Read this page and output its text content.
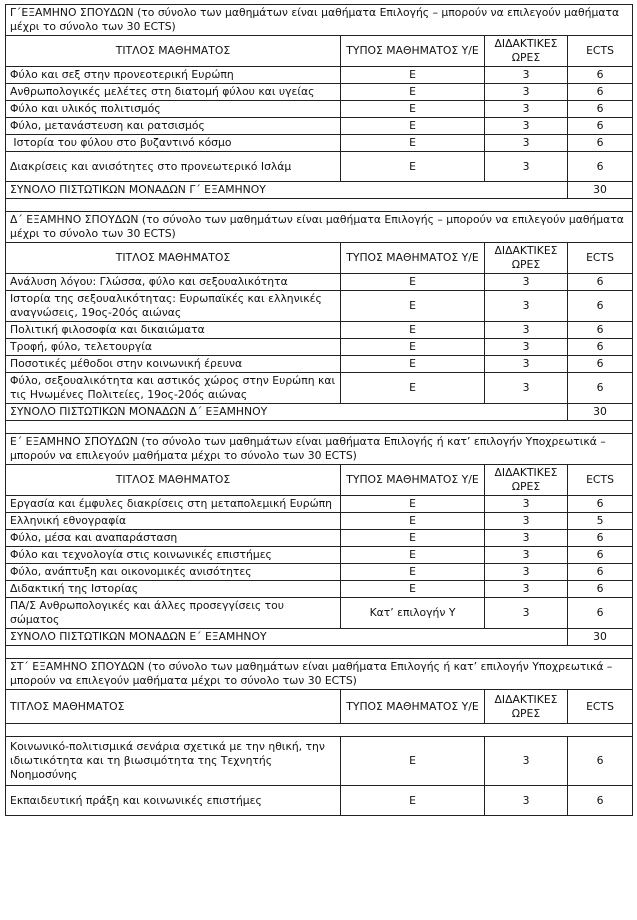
Γ΄ΕΞΑΜΗΝΟ ΣΠΟΥΔΩΝ (το σύνολο των μαθημάτων είναι μαθήματα Επιλογής – μπορούν να επιλεγούν μαθήματα μέχρι το σύνολο των 30 ECTS)			
ΤΙΤΛΟΣ ΜΑΘΗΜΑΤΟΣ	ΤΥΠΟΣ ΜΑΘΗΜΑΤΟΣ Υ/Ε	ΔΙΔΑΚΤΙΚΕΣ ΩΡΕΣ	ECTS
Φύλο και σεξ στην προνεοτερική Ευρώπη	Ε	3	6
Ανθρωπολογικές μελέτες στη διατομή φύλου και υγείας	Ε	3	6
Φύλο και υλικός πολιτισμός	Ε	3	6
Φύλο, μετανάστευση και ρατσισμός	Ε	3	6
Ιστορία του φύλου στο βυζαντινό κόσμο	Ε	3	6
Διακρίσεις και ανισότητες στο προνεωτερικό Ισλάμ	Ε	3	6
ΣΥΝΟΛΟ ΠΙΣΤΩΤΙΚΩΝ ΜΟΝΑΔΩΝ Γ΄ ΕΞΑΜΗΝΟΥ			30

Δ΄ ΕΞΑΜΗΝΟ ΣΠΟΥΔΩΝ (το σύνολο των μαθημάτων είναι μαθήματα Επιλογής – μπορούν να επιλεγούν μαθήματα μέχρι το σύνολο των 30 ECTS)			
ΤΙΤΛΟΣ ΜΑΘΗΜΑΤΟΣ	ΤΥΠΟΣ ΜΑΘΗΜΑΤΟΣ Υ/Ε	ΔΙΔΑΚΤΙΚΕΣ ΩΡΕΣ	ECTS
Ανάλυση λόγου: Γλώσσα, φύλο και σεξουαλικότητα	Ε	3	6
Ιστορία της σεξουαλικότητας: Ευρωπαϊκές και ελληνικές αναγνώσεις, 19ος-20ός αιώνας	Ε	3	6
Πολιτική φιλοσοφία και δικαιώματα	Ε	3	6
Τροφή, φύλο, τελετουργία	Ε	3	6
Ποσοτικές μέθοδοι στην κοινωνική έρευνα	Ε	3	6
Φύλο, σεξουαλικότητα και αστικός χώρος στην Ευρώπη και τις Ηνωμένες Πολιτείες, 19ος-20ός αιώνας	Ε	3	6
ΣΥΝΟΛΟ ΠΙΣΤΩΤΙΚΩΝ ΜΟΝΑΔΩΝ Δ΄ ΕΞΑΜΗΝΟΥ			30

Ε΄ ΕΞΑΜΗΝΟ ΣΠΟΥΔΩΝ (το σύνολο των μαθημάτων είναι μαθήματα Επιλογής ή κατ’ επιλογήν Υποχρεωτικά – μπορούν να επιλεγούν μαθήματα μέχρι το σύνολο των 30 ECTS)			
ΤΙΤΛΟΣ ΜΑΘΗΜΑΤΟΣ	ΤΥΠΟΣ ΜΑΘΗΜΑΤΟΣ Υ/Ε	ΔΙΔΑΚΤΙΚΕΣ ΩΡΕΣ	ECTS
Εργασία και έμφυλες διακρίσεις στη μεταπολεμική Ευρώπη	Ε	3	6
Ελληνική εθνογραφία	Ε	3	5
Φύλο, μέσα και αναπαράσταση	Ε	3	6
Φύλο και τεχνολογία στις κοινωνικές επιστήμες	Ε	3	6
Φύλο, ανάπτυξη και οικονομικές ανισότητες	Ε	3	6
Διδακτική της Ιστορίας	Ε	3	6
ΠΑ/Σ Ανθρωπολογικές και άλλες προσεγγίσεις του σώματος	Κατ’ επιλογήν Υ	3	6
ΣΥΝΟΛΟ ΠΙΣΤΩΤΙΚΩΝ ΜΟΝΑΔΩΝ Ε΄ ΕΞΑΜΗΝΟΥ			30

ΣΤ΄ ΕΞΑΜΗΝΟ ΣΠΟΥΔΩΝ (το σύνολο των μαθημάτων είναι μαθήματα Επιλογής ή κατ’ επιλογήν Υποχρεωτικά – μπορούν να επιλεγούν μαθήματα μέχρι το σύνολο των 30 ECTS)			
ΤΙΤΛΟΣ ΜΑΘΗΜΑΤΟΣ	ΤΥΠΟΣ ΜΑΘΗΜΑΤΟΣ Υ/Ε	ΔΙΔΑΚΤΙΚΕΣ ΩΡΕΣ	ECTS

Κοινωνικό-πολιτισμικά σενάρια σχετικά με την ηθική, την ιδιωτικότητα και τη βιωσιμότητα της Τεχνητής Νοημοσύνης	Ε	3	6
Εκπαιδευτική πράξη και κοινωνικές επιστήμες	Ε	3	6
